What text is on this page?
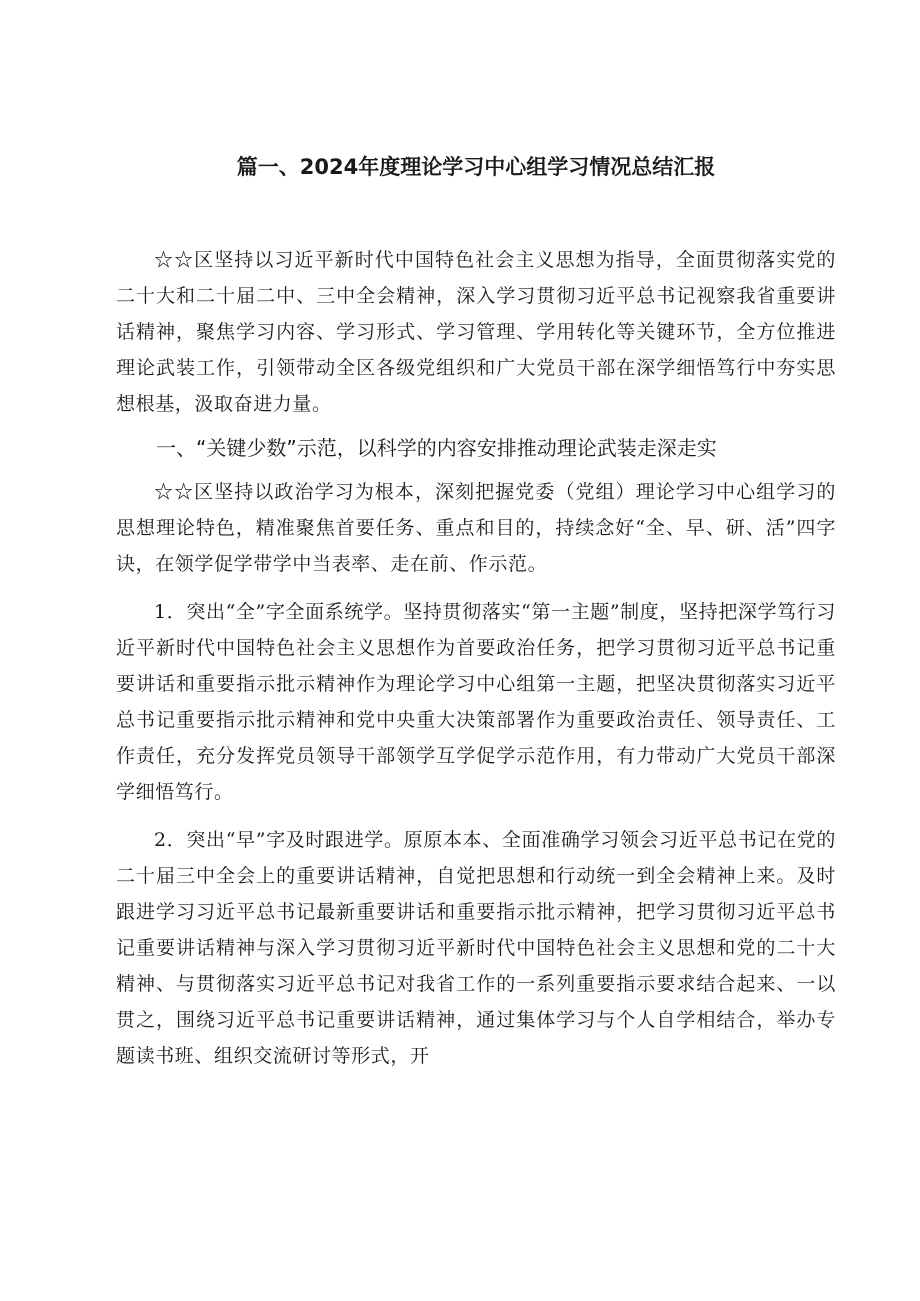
篇一、2024年度理论学习中心组学习情况总结汇报

☆☆区坚持以习近平新时代中国特色社会主义思想为指导，全面贯彻落实党的二十大和二十届二中、三中全会精神，深入学习贯彻习近平总书记视察我省重要讲话精神，聚焦学习内容、学习形式、学习管理、学用转化等关键环节，全方位推进理论武装工作，引领带动全区各级党组织和广大党员干部在深学细悟笃行中夯实思想根基，汲取奋进力量。

一、“关键少数”示范，以科学的内容安排推动理论武装走深走实

☆☆区坚持以政治学习为根本，深刻把握党委（党组）理论学习中心组学习的思想理论特色，精准聚焦首要任务、重点和目的，持续念好“全、早、研、活”四字诀，在领学促学带学中当表率、走在前、作示范。

1．突出“全”字全面系统学。坚持贯彻落实“第一主题”制度，坚持把深学笃行习近平新时代中国特色社会主义思想作为首要政治任务，把学习贯彻习近平总书记重要讲话和重要指示批示精神作为理论学习中心组第一主题，把坚决贯彻落实习近平总书记重要指示批示精神和党中央重大决策部署作为重要政治责任、领导责任、工作责任，充分发挥党员领导干部领学互学促学示范作用，有力带动广大党员干部深学细悟笃行。

2．突出“早”字及时跟进学。原原本本、全面准确学习领会习近平总书记在党的二十届三中全会上的重要讲话精神，自觉把思想和行动统一到全会精神上来。及时跟进学习习近平总书记最新重要讲话和重要指示批示精神，把学习贯彻习近平总书记重要讲话精神与深入学习贯彻习近平新时代中国特色社会主义思想和党的二十大精神、与贯彻落实习近平总书记对我省工作的一系列重要指示要求结合起来、一以贯之，围绕习近平总书记重要讲话精神，通过集体学习与个人自学相结合，举办专题读书班、组织交流研讨等形式，开
